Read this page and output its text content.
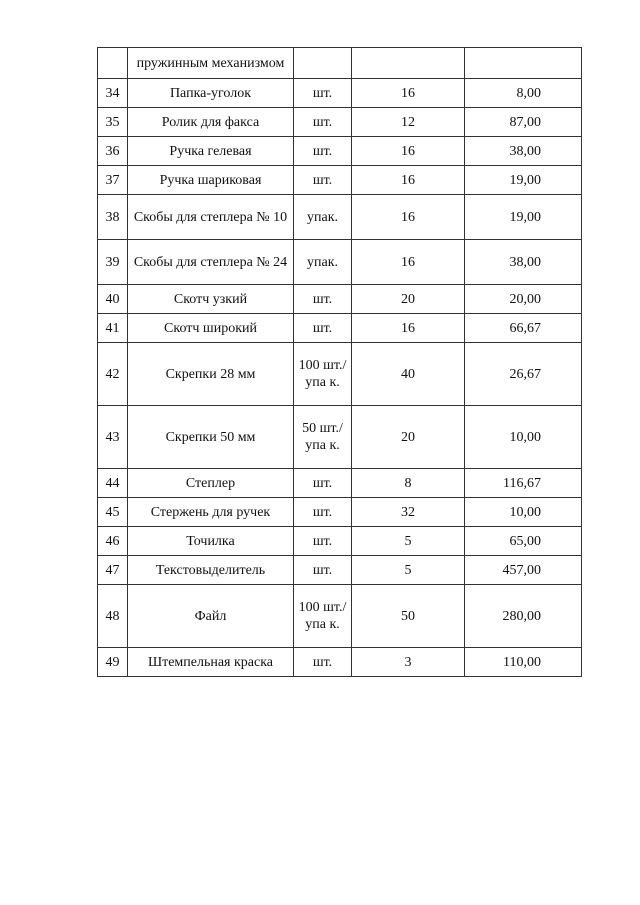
	пружинным механизмом			
34	Папка-уголок	шт.	16	8,00
35	Ролик для факса	шт.	12	87,00
36	Ручка гелевая	шт.	16	38,00
37	Ручка шариковая	шт.	16	19,00
38	Скобы для степлера № 10	упак.	16	19,00
39	Скобы для степлера № 24	упак.	16	38,00
40	Скотч узкий	шт.	20	20,00
41	Скотч широкий	шт.	16	66,67
42	Скрепки 28 мм	100 шт./упа к.	40	26,67
43	Скрепки 50 мм	50 шт./упа к.	20	10,00
44	Степлер	шт.	8	116,67
45	Стержень для ручек	шт.	32	10,00
46	Точилка	шт.	5	65,00
47	Текстовыделитель	шт.	5	457,00
48	Файл	100 шт./упа к.	50	280,00
49	Штемпельная краска	шт.	3	110,00
